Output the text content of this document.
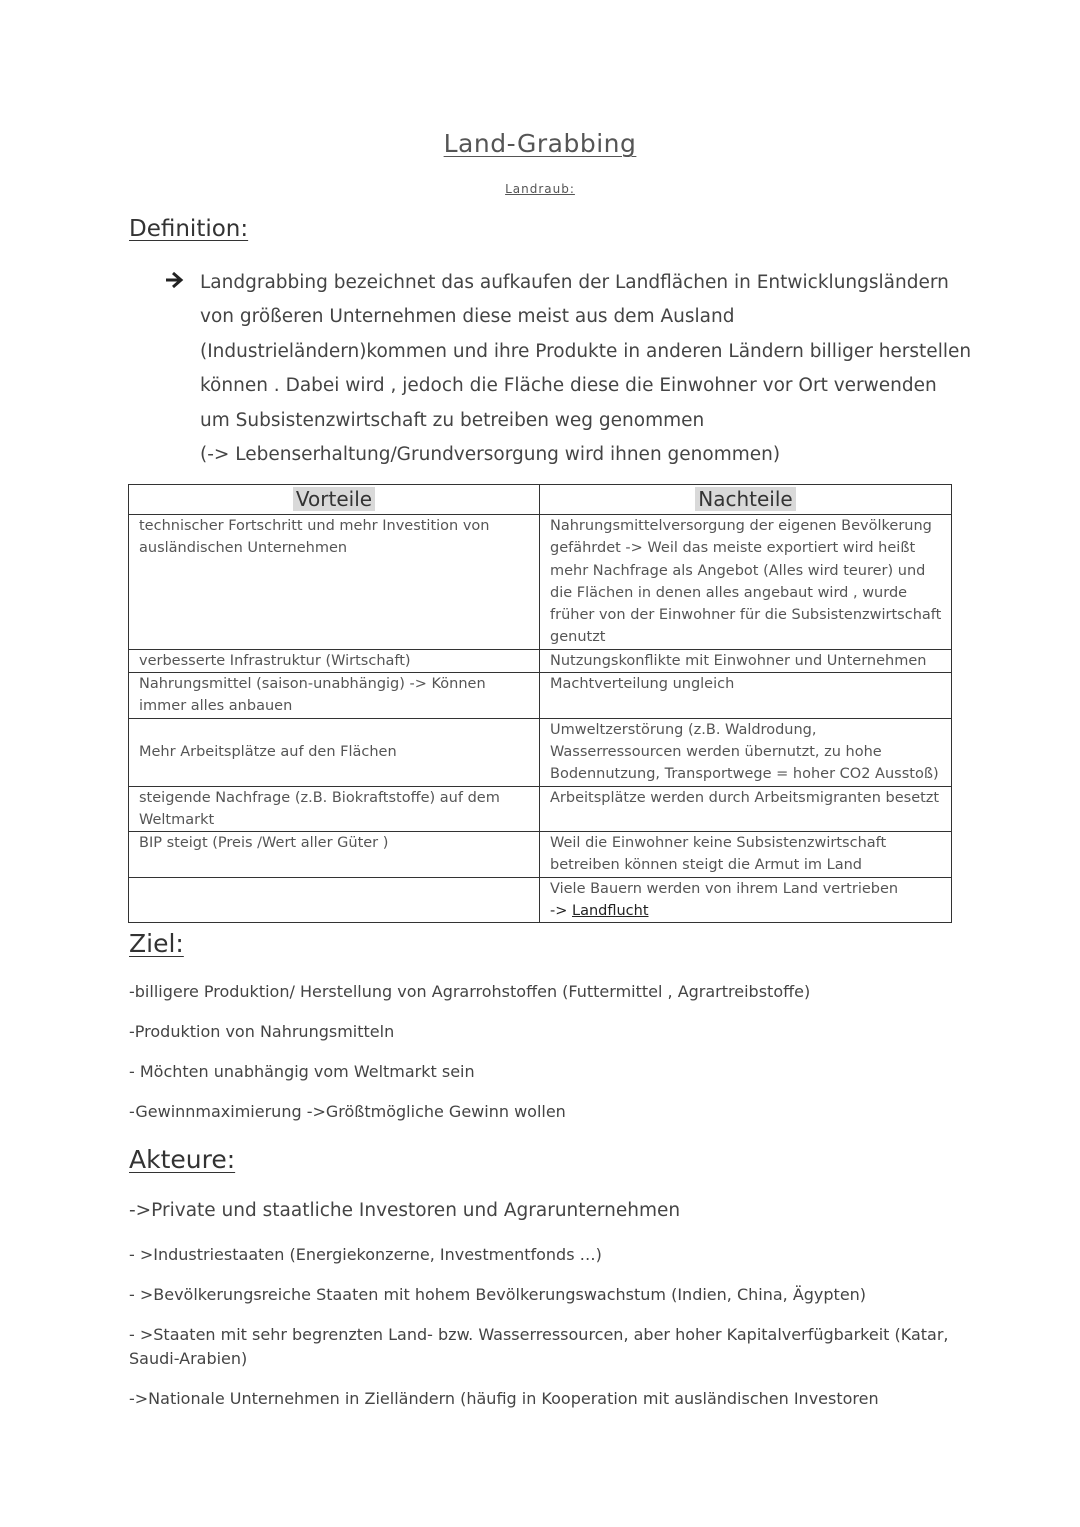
Land-Grabbing
Landraub:
Definition:
Landgrabbing bezeichnet das aufkaufen der Landflächen in Entwicklungsländern
von größeren Unternehmen diese meist aus dem Ausland
(Industrieländern)kommen und ihre Produkte in anderen Ländern billiger herstellen
können . Dabei wird , jedoch die Fläche diese die Einwohner vor Ort verwenden
um Subsistenzwirtschaft zu betreiben weg genommen
(-> Lebenserhaltung/Grundversorgung wird ihnen genommen)
Vorteile	Nachteile
technischer Fortschritt und mehr Investition von ausländischen Unternehmen	Nahrungsmittelversorgung der eigenen Bevölkerung gefährdet -> Weil das meiste exportiert wird heißt mehr Nachfrage als Angebot (Alles wird teurer) und die Flächen in denen alles angebaut wird , wurde früher von der Einwohner für die Subsistenzwirtschaft genutzt
verbesserte Infrastruktur (Wirtschaft)	Nutzungskonflikte mit Einwohner und Unternehmen
Nahrungsmittel (saison-unabhängig) -> Können immer alles anbauen	Machtverteilung ungleich
Mehr Arbeitsplätze auf den Flächen	Umweltzerstörung (z.B. Waldrodung, Wasserressourcen werden übernutzt, zu hohe Bodennutzung, Transportwege = hoher CO2 Ausstoß)
steigende Nachfrage (z.B. Biokraftstoffe) auf dem Weltmarkt	Arbeitsplätze werden durch Arbeitsmigranten besetzt
BIP steigt (Preis /Wert aller Güter )	Weil die Einwohner keine Subsistenzwirtschaft betreiben können steigt die Armut im Land

	Viele Bauern werden von ihrem Land vertrieben
-> Landflucht
Ziel:
-billigere Produktion/ Herstellung von Agrarrohstoffen (Futtermittel , Agrartreibstoffe)
-Produktion von Nahrungsmitteln
- Möchten unabhängig vom Weltmarkt sein
-Gewinnmaximierung ->Größtmögliche Gewinn wollen
Akteure:
->Private und staatliche Investoren und Agrarunternehmen
- >Industriestaaten (Energiekonzerne, Investmentfonds …)
- >Bevölkerungsreiche Staaten mit hohem Bevölkerungswachstum (Indien, China, Ägypten)
- >Staaten mit sehr begrenzten Land- bzw. Wasserressourcen, aber hoher Kapitalverfügbarkeit (Katar, Saudi-Arabien)
->Nationale Unternehmen in Zielländern (häufig in Kooperation mit ausländischen Investoren
